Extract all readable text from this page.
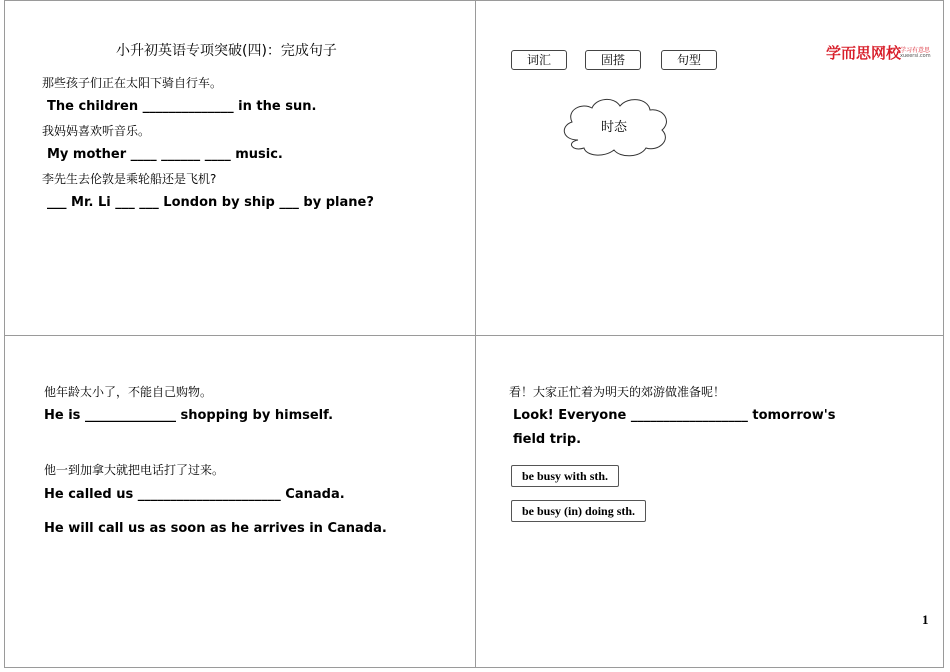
小升初英语专项突破(四)：完成句子
那些孩子们正在太阳下骑自行车。
The children ______________ in the sun.
我妈妈喜欢听音乐。
My mother ____ ______ ____ music.
李先生去伦敦是乘轮船还是飞机?
___ Mr. Li ___ ___ London by ship ___ by plane?
词汇	固搭	句型
时态
学而思网校
学习有意思
xueersi.com
他年龄太小了，不能自己购物。
He is ______________ shopping by himself.
他一到加拿大就把电话打了过来。
He called us ______________________ Canada.
He will call us as soon as he arrives in Canada.
看！大家正忙着为明天的郊游做准备呢！
Look! Everyone __________________ tomorrow's
field trip.
be busy with sth.
be busy (in) doing sth.
1
